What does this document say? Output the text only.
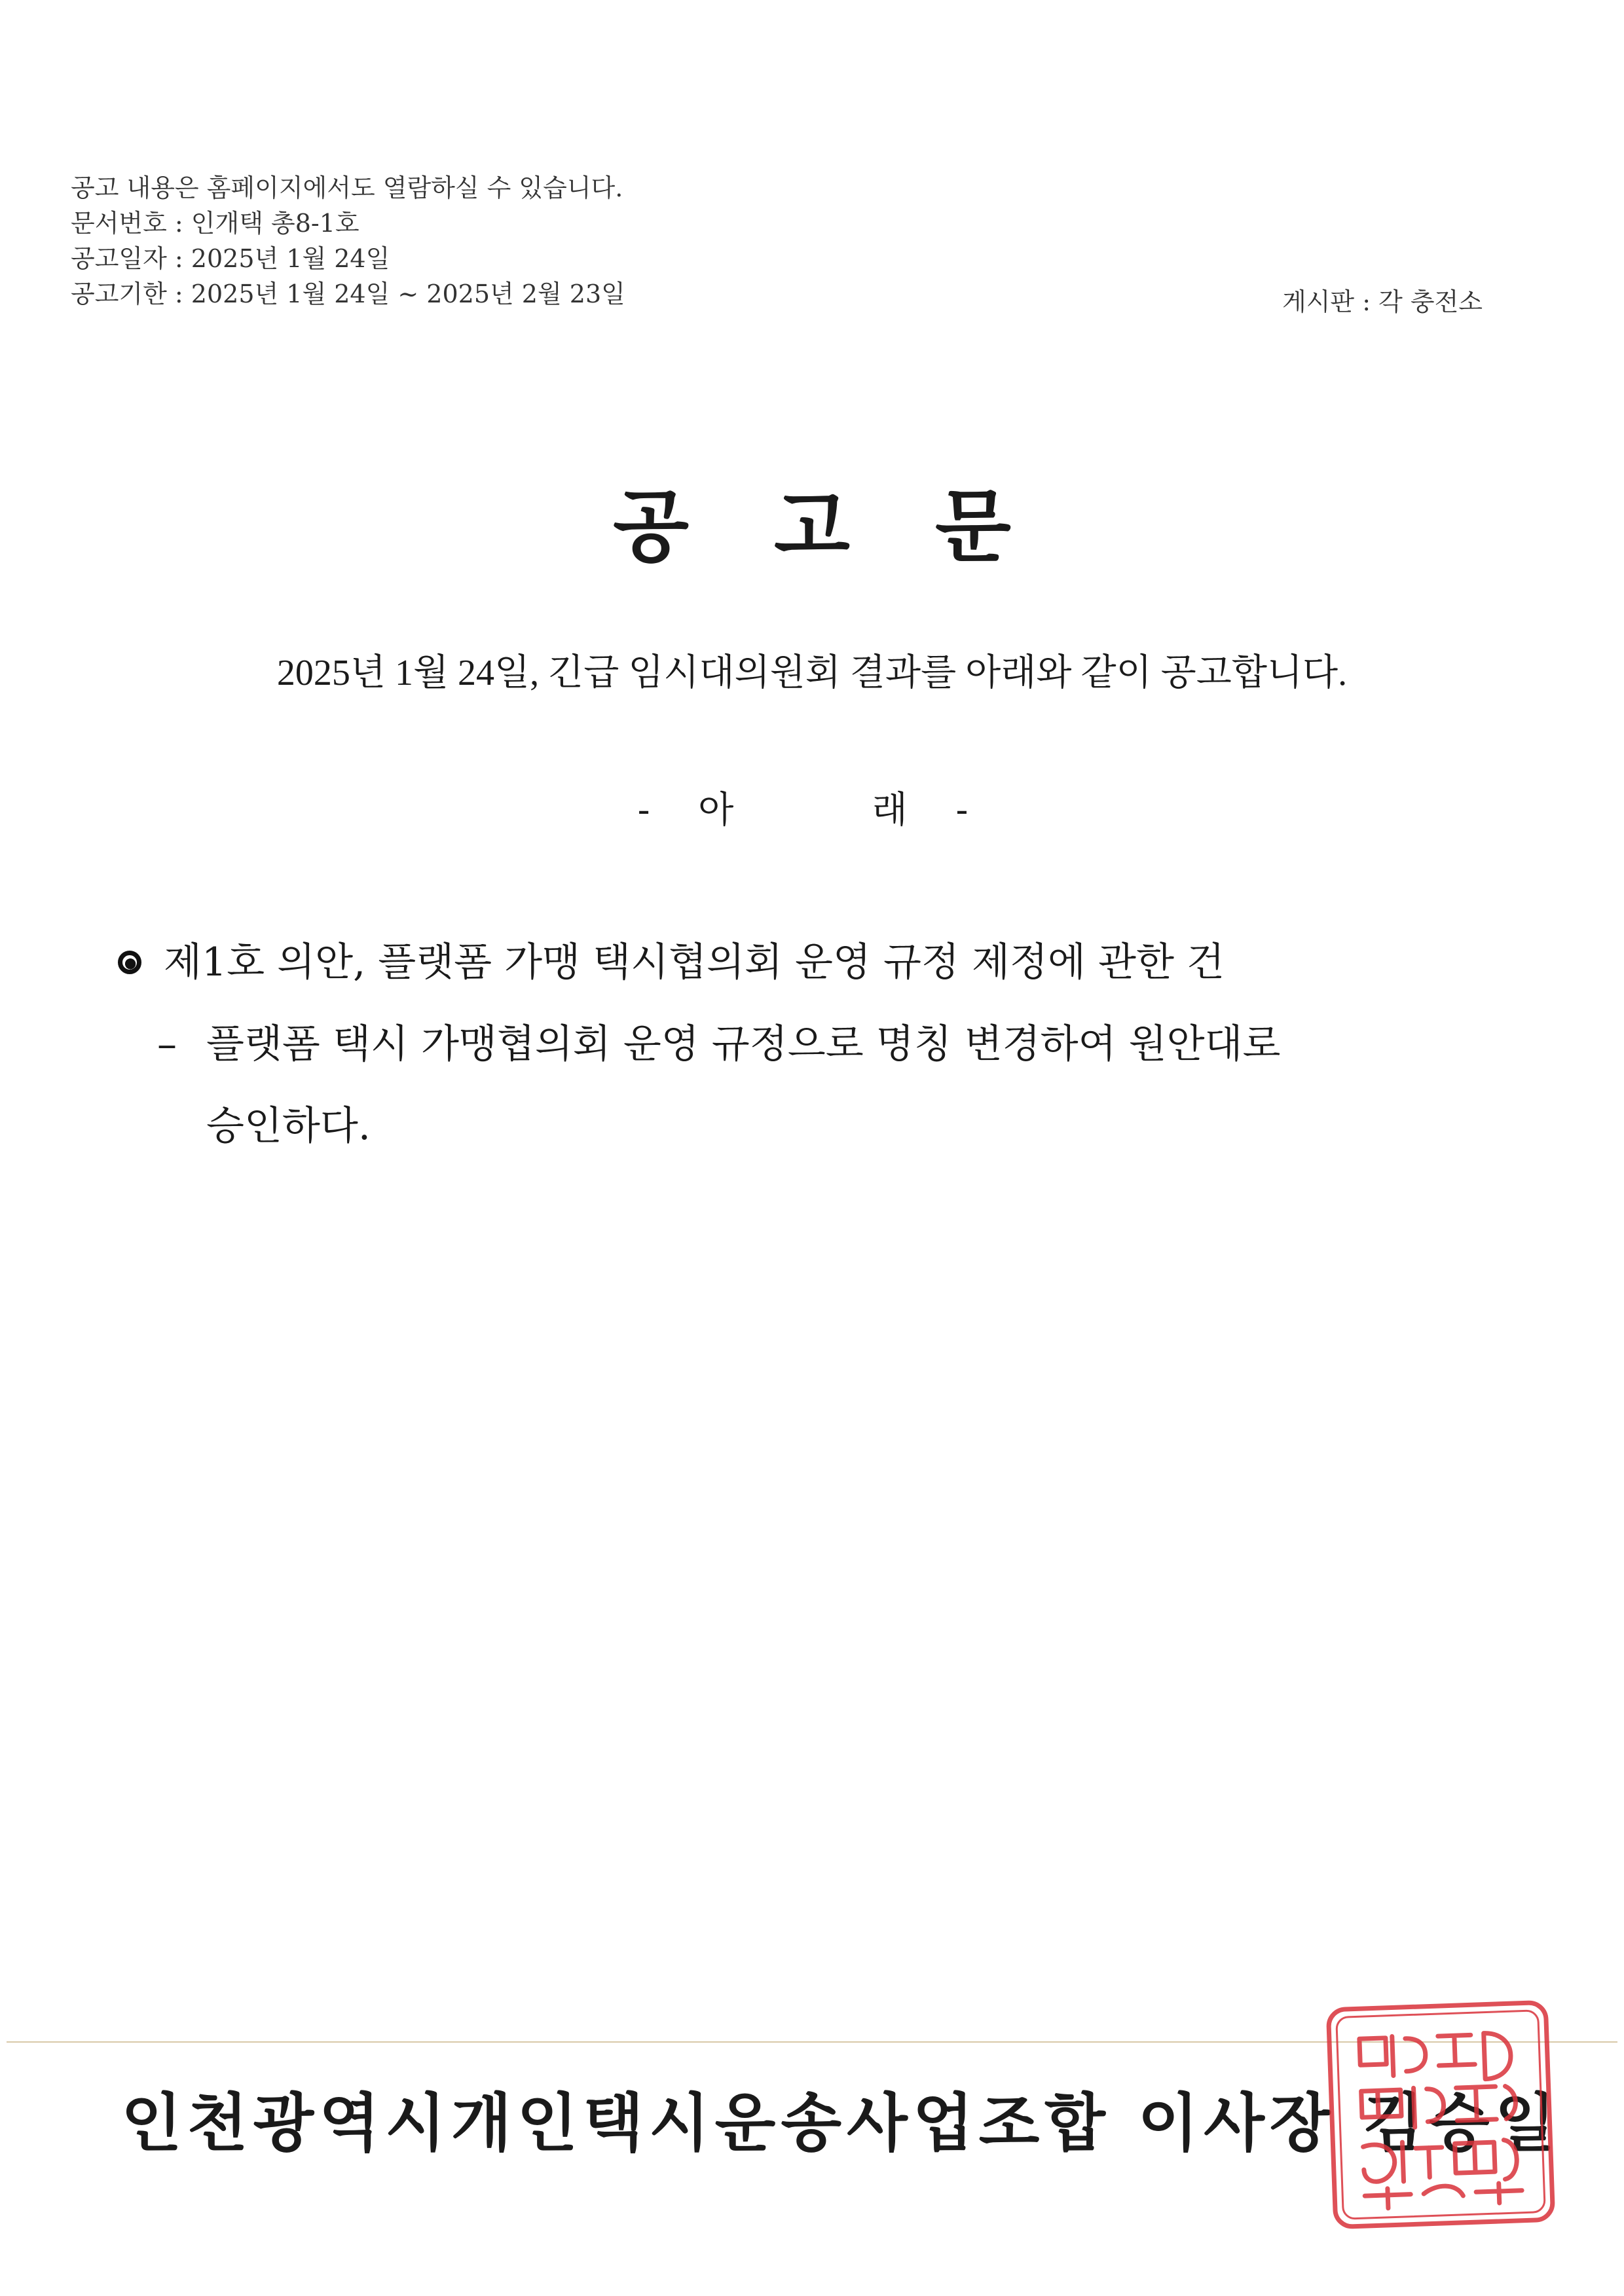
공고 내용은 홈페이지에서도 열람하실 수 있습니다.
문서번호 : 인개택 총8-1호
공고일자 : 2025년 1월 24일
공고기한 : 2025년 1월 24일 ~ 2025년 2월 23일	게시판 : 각 충전소
공고문
2025년 1월 24일, 긴급 임시대의원회 결과를 아래와 같이 공고합니다.
- 아    래 -
제1호 의안, 플랫폼 가맹 택시협의회 운영 규정 제정에 관한 건
– 플랫폼 택시 가맹협의회 운영 규정으로 명칭 변경하여 원안대로
승인하다.
인천광역시개인택시운송사업조합 이사장 김승일
